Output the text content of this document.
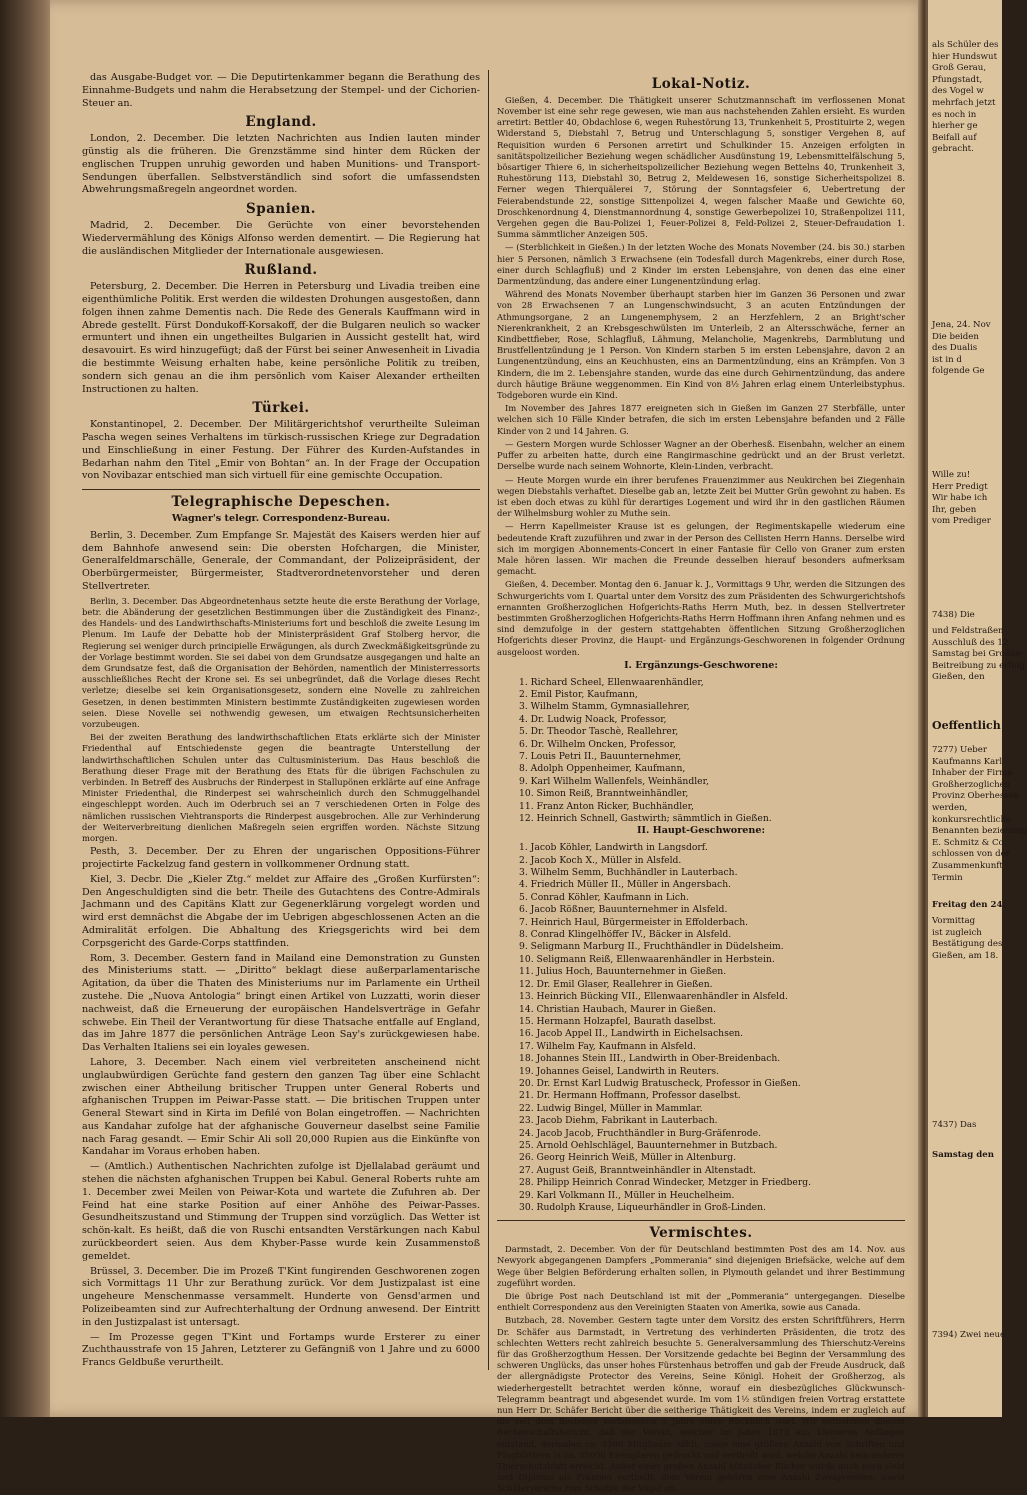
das Ausgabe-Budget vor. — Die Deputirtenkammer begann die Berathung des Einnahme-Budgets und nahm die Herabsetzung der Stempel- und der Cichorien-Steuer an.

England.

London, 2. December. Die letzten Nachrichten aus Indien lauten minder günstig als die früheren. Die Grenzstämme sind hinter dem Rücken der englischen Truppen unruhig geworden und haben Munitions- und Transport-Sendungen überfallen. Selbstverständlich sind sofort die umfassendsten Abwehrungsmaßregeln angeordnet worden.

Spanien.

Madrid, 2. December. Die Gerüchte von einer bevorstehenden Wiedervermählung des Königs Alfonso werden dementirt. — Die Regierung hat die ausländischen Mitglieder der Internationale ausgewiesen.

Rußland.

Petersburg, 2. December. Die Herren in Petersburg und Livadia treiben eine eigenthümliche Politik. Erst werden die wildesten Drohungen ausgestoßen, dann folgen ihnen zahme Dementis nach. Die Rede des Generals Kauffmann wird in Abrede gestellt. Fürst Dondukoff-Korsakoff, der die Bulgaren neulich so wacker ermuntert und ihnen ein ungetheiltes Bulgarien in Aussicht gestellt hat, wird desavouirt. Es wird hinzugefügt; daß der Fürst bei seiner Anwesenheit in Livadia die bestimmte Weisung erhalten habe, keine persönliche Politik zu treiben, sondern sich genau an die ihm persönlich vom Kaiser Alexander ertheilten Instructionen zu halten.

Türkei.

Konstantinopel, 2. December. Der Militärgerichtshof verurtheilte Suleiman Pascha wegen seines Verhaltens im türkisch-russischen Kriege zur Degradation und Einschließung in einer Festung. Der Führer des Kurden-Aufstandes in Bedarhan nahm den Titel „Emir von Bohtan“ an. In der Frage der Occupation von Novibazar entschied man sich virtuell für eine gemischte Occupation.

Telegraphische Depeschen.
Wagner's telegr. Correspondenz-Bureau.

Berlin, 3. December. Zum Empfange Sr. Majestät des Kaisers werden hier auf dem Bahnhofe anwesend sein: Die obersten Hofchargen, die Minister, Generalfeldmarschälle, Generale, der Commandant, der Polizeipräsident, der Oberbürgermeister, Bürgermeister, Stadtverordnetenvorsteher und deren Stellvertreter.

Berlin, 3. December. Das Abgeordnetenhaus setzte heute die erste Berathung der Vorlage, betr. die Abänderung der gesetzlichen Bestimmungen über die Zuständigkeit des Finanz-, des Handels- und des Landwirthschafts-Ministeriums fort und beschloß die zweite Lesung im Plenum. Im Laufe der Debatte hob der Ministerpräsident Graf Stolberg hervor, die Regierung sei weniger durch principielle Erwägungen, als durch Zweckmäßigkeitsgründe zu der Vorlage bestimmt worden. Sie sei dabei von dem Grundsatze ausgegangen und halte an dem Grundsatze fest, daß die Organisation der Behörden, namentlich der Ministerressorts ausschließliches Recht der Krone sei. Es sei unbegründet, daß die Vorlage dieses Recht verletze; dieselbe sei kein Organisationsgesetz, sondern eine Novelle zu zahlreichen Gesetzen, in denen bestimmten Ministern bestimmte Zuständigkeiten zugewiesen worden seien. Diese Novelle sei nothwendig gewesen, um etwaigen Rechtsunsicherheiten vorzubeugen.

Bei der zweiten Berathung des landwirthschaftlichen Etats erklärte sich der Minister Friedenthal auf Entschiedenste gegen die beantragte Unterstellung der landwirthschaftlichen Schulen unter das Cultusministerium. Das Haus beschloß die Berathung dieser Frage mit der Berathung des Etats für die übrigen Fachschulen zu verbinden. In Betreff des Ausbruchs der Rinderpest in Stallupönen erklärte auf eine Anfrage Minister Friedenthal, die Rinderpest sei wahrscheinlich durch den Schmuggelhandel eingeschleppt worden. Auch im Oderbruch sei an 7 verschiedenen Orten in Folge des nämlichen russischen Viehtransports die Rinderpest ausgebrochen. Alle zur Verhinderung der Weiterverbreitung dienlichen Maßregeln seien ergriffen worden. Nächste Sitzung morgen.

Pesth, 3. December. Der zu Ehren der ungarischen Oppositions-Führer projectirte Fackelzug fand gestern in vollkommener Ordnung statt.

Kiel, 3. Decbr. Die „Kieler Ztg.“ meldet zur Affaire des „Großen Kurfürsten“: Den Angeschuldigten sind die betr. Theile des Gutachtens des Contre-Admirals Jachmann und des Capitäns Klatt zur Gegenerklärung vorgelegt worden und wird erst demnächst die Abgabe der im Uebrigen abgeschlossenen Acten an die Admiralität erfolgen. Die Abhaltung des Kriegsgerichts wird bei dem Corpsgericht des Garde-Corps stattfinden.

Rom, 3. December. Gestern fand in Mailand eine Demonstration zu Gunsten des Ministeriums statt. — „Diritto“ beklagt diese außerparlamentarische Agitation, da über die Thaten des Ministeriums nur im Parlamente ein Urtheil zustehe. Die „Nuova Antologia“ bringt einen Artikel von Luzzatti, worin dieser nachweist, daß die Erneuerung der europäischen Handelsverträge in Gefahr schwebe. Ein Theil der Verantwortung für diese Thatsache entfalle auf England, das im Jahre 1877 die persönlichen Anträge Leon Say's zurückgewiesen habe. Das Verhalten Italiens sei ein loyales gewesen.

Lahore, 3. December. Nach einem viel verbreiteten anscheinend nicht unglaubwürdigen Gerüchte fand gestern den ganzen Tag über eine Schlacht zwischen einer Abtheilung britischer Truppen unter General Roberts und afghanischen Truppen im Peiwar-Passe statt. — Die britischen Truppen unter General Stewart sind in Kirta im Defilé von Bolan eingetroffen. — Nachrichten aus Kandahar zufolge hat der afghanische Gouverneur daselbst seine Familie nach Farag gesandt. — Emir Schir Ali soll 20,000 Rupien aus die Einkünfte von Kandahar im Voraus erhoben haben.

— (Amtlich.) Authentischen Nachrichten zufolge ist Djellalabad geräumt und stehen die nächsten afghanischen Truppen bei Kabul. General Roberts ruhte am 1. December zwei Meilen von Peiwar-Kota und wartete die Zufuhren ab. Der Feind hat eine starke Position auf einer Anhöhe des Peiwar-Passes. Gesundheitszustand und Stimmung der Truppen sind vorzüglich. Das Wetter ist schön-kalt. Es heißt, daß die von Ruschi entsandten Verstärkungen nach Kabul zurückbeordert seien. Aus dem Khyber-Passe wurde kein Zusammenstoß gemeldet.

Brüssel, 3. December. Die im Prozeß T'Kint fungirenden Geschworenen zogen sich Vormittags 11 Uhr zur Berathung zurück. Vor dem Justizpalast ist eine ungeheure Menschenmasse versammelt. Hunderte von Gensd'armen und Polizeibeamten sind zur Aufrechterhaltung der Ordnung anwesend. Der Eintritt in den Justizpalast ist untersagt.

— Im Prozesse gegen T'Kint und Fortamps wurde Ersterer zu einer Zuchthausstrafe von 15 Jahren, Letzterer zu Gefängniß von 1 Jahre und zu 6000 Francs Geldbuße verurtheilt.

Lokal-Notiz.

Gießen, 4. December. Die Thätigkeit unserer Schutzmannschaft im verflossenen Monat November ist eine sehr rege gewesen, wie man aus nachstehenden Zahlen ersieht. Es wurden arretirt: Bettler 40, Obdachlose 6, wegen Ruhestörung 13, Trunkenheit 5, Prostituirte 2, wegen Widerstand 5, Diebstahl 7, Betrug und Unterschlagung 5, sonstiger Vergehen 8, auf Requisition wurden 6 Personen arretirt und Schulkinder 15. Anzeigen erfolgten in sanitätspolizeilicher Beziehung wegen schädlicher Ausdünstung 19, Lebensmittelfälschung 5, bösartiger Thiere 6, in sicherheitspolizeilicher Beziehung wegen Bettelns 40, Trunkenheit 3, Ruhestörung 113, Diebstahl 30, Betrug 2, Meldewesen 16, sonstige Sicherheitspolizei 8. Ferner wegen Thierquälerei 7, Störung der Sonntagsfeier 6, Uebertretung der Feierabendstunde 22, sonstige Sittenpolizei 4, wegen falscher Maaße und Gewichte 60, Droschkenordnung 4, Dienstmannordnung 4, sonstige Gewerbepolizei 10, Straßenpolizei 111, Vergehen gegen die Bau-Polizei 1, Feuer-Polizei 8, Feld-Polizei 2, Steuer-Defraudation 1. Summa sämmtlicher Anzeigen 505.

— (Sterblichkeit in Gießen.) In der letzten Woche des Monats November (24. bis 30.) starben hier 5 Personen, nämlich 3 Erwachsene (ein Todesfall durch Magenkrebs, einer durch Rose, einer durch Schlagfluß) und 2 Kinder im ersten Lebensjahre, von denen das eine einer Darmentzündung, das andere einer Lungenentzündung erlag.

Während des Monats November überhaupt starben hier im Ganzen 36 Personen und zwar von 28 Erwachsenen 7 an Lungenschwindsucht, 3 an acuten Entzündungen der Athmungsorgane, 2 an Lungenemphysem, 2 an Herzfehlern, 2 an Bright'scher Nierenkrankheit, 2 an Krebsgeschwülsten im Unterleib, 2 an Altersschwäche, ferner an Kindbettfieber, Rose, Schlagfluß, Lähmung, Melancholie, Magenkrebs, Darmblutung und Brustfellentzündung je 1 Person. Von Kindern starben 5 im ersten Lebensjahre, davon 2 an Lungenentzündung, eins an Keuchhusten, eins an Darmentzündung, eins an Krämpfen. Von 3 Kindern, die im 2. Lebensjahre standen, wurde das eine durch Gehirnentzündung, das andere durch häutige Bräune weggenommen. Ein Kind von 8½ Jahren erlag einem Unterleibstyphus. Todgeboren wurde ein Kind.

Im November des Jahres 1877 ereigneten sich in Gießen im Ganzen 27 Sterbfälle, unter welchen sich 10 Fälle Kinder betrafen, die sich im ersten Lebensjahre befanden und 2 Fälle Kinder von 2 und 14 Jahren. G.

— Gestern Morgen wurde Schlosser Wagner an der Oberhesß. Eisenbahn, welcher an einem Puffer zu arbeiten hatte, durch eine Rangirmaschine gedrückt und an der Brust verletzt. Derselbe wurde nach seinem Wohnorte, Klein-Linden, verbracht.

— Heute Morgen wurde ein ihrer berufenes Frauenzimmer aus Neukirchen bei Ziegenhain wegen Diebstahls verhaftet. Dieselbe gab an, letzte Zeit bei Mutter Grün gewohnt zu haben. Es ist eben doch etwas zu kühl für derartiges Logement und wird ihr in den gastlichen Räumen der Wilhelmsburg wohler zu Muthe sein.

— Herrn Kapellmeister Krause ist es gelungen, der Regimentskapelle wiederum eine bedeutende Kraft zuzuführen und zwar in der Person des Cellisten Herrn Hanns. Derselbe wird sich im morgigen Abonnements-Concert in einer Fantasie für Cello von Graner zum ersten Male hören lassen. Wir machen die Freunde desselben hierauf besonders aufmerksam gemacht.

Gießen, 4. December. Montag den 6. Januar k. J., Vormittags 9 Uhr, werden die Sitzungen des Schwurgerichts vom I. Quartal unter dem Vorsitz des zum Präsidenten des Schwurgerichtshofs ernannten Großherzoglichen Hofgerichts-Raths Herrn Muth, bez. in dessen Stellvertreter bestimmten Großherzoglichen Hofgerichts-Raths Herrn Hoffmann ihren Anfang nehmen und es sind demzufolge in der gestern stattgehabten öffentlichen Sitzung Großherzoglichen Hofgerichts dieser Provinz, die Haupt- und Ergänzungs-Geschworenen in folgender Ordnung ausgeloost worden.

I. Ergänzungs-Geschworene:
1. Richard Scheel, Ellenwaarenhändler,
2. Emil Pistor, Kaufmann,
3. Wilhelm Stamm, Gymnasiallehrer,
4. Dr. Ludwig Noack, Professor,
5. Dr. Theodor Taschè, Reallehrer,
6. Dr. Wilhelm Oncken, Professor,
7. Louis Petri II., Bauunternehmer,
8. Adolph Oppenheimer, Kaufmann,
9. Karl Wilhelm Wallenfels, Weinhändler,
10. Simon Reiß, Branntweinhändler,
11. Franz Anton Ricker, Buchhändler,
12. Heinrich Schnell, Gastwirth; sämmtlich in Gießen.
II. Haupt-Geschworene:
1. Jacob Köhler, Landwirth in Langsdorf.
2. Jacob Koch X., Müller in Alsfeld.
3. Wilhelm Semm, Buchhändler in Lauterbach.
4. Friedrich Müller II., Müller in Angersbach.
5. Conrad Köhler, Kaufmann in Lich.
6. Jacob Rößner, Bauunternehmer in Alsfeld.
7. Heinrich Haul, Bürgermeister in Effolderbach.
8. Conrad Klingelhöffer IV., Bäcker in Alsfeld.
9. Seligmann Marburg II., Fruchthändler in Düdelsheim.
10. Seligmann Reiß, Ellenwaarenhändler in Herbstein.
11. Julius Hoch, Bauunternehmer in Gießen.
12. Dr. Emil Glaser, Reallehrer in Gießen.
13. Heinrich Bücking VII., Ellenwaarenhändler in Alsfeld.
14. Christian Haubach, Maurer in Gießen.
15. Hermann Holzapfel, Baurath daselbst.
16. Jacob Appel II., Landwirth in Eichelsachsen.
17. Wilhelm Fay, Kaufmann in Alsfeld.
18. Johannes Stein III., Landwirth in Ober-Breidenbach.
19. Johannes Geisel, Landwirth in Reuters.
20. Dr. Ernst Karl Ludwig Bratuscheck, Professor in Gießen.
21. Dr. Hermann Hoffmann, Professor daselbst.
22. Ludwig Bingel, Müller in Mammlar.
23. Jacob Diehm, Fabrikant in Lauterbach.
24. Jacob Jacob, Fruchthändler in Burg-Gräfenrode.
25. Arnold Oehlschlägel, Bauunternehmer in Butzbach.
26. Georg Heinrich Weiß, Müller in Altenburg.
27. August Geiß, Branntweinhändler in Altenstadt.
28. Philipp Heinrich Conrad Windecker, Metzger in Friedberg.
29. Karl Volkmann II., Müller in Heuchelheim.
30. Rudolph Krause, Liqueurhändler in Groß-Linden.
Vermischtes.

Darmstadt, 2. December. Von der für Deutschland bestimmten Post des am 14. Nov. aus Newyork abgegangenen Dampfers „Pommerania“ sind diejenigen Briefsäcke, welche auf dem Wege über Belgien Beförderung erhalten sollen, in Plymouth gelandet und ihrer Bestimmung zugeführt worden.

Die übrige Post nach Deutschland ist mit der „Pommerania“ untergegangen. Dieselbe enthielt Correspondenz aus den Vereinigten Staaten von Amerika, sowie aus Canada.

Butzbach, 28. November. Gestern tagte unter dem Vorsitz des ersten Schriftführers, Herrn Dr. Schäfer aus Darmstadt, in Vertretung des verhinderten Präsidenten, die trotz des schlechten Wetters recht zahlreich besuchte 5. Generalversammlung des Thierschutz-Vereins für das Großherzogthum Hessen. Der Vorsitzende gedachte bei Beginn der Versammlung des schweren Unglücks, das unser hohes Fürstenhaus betroffen und gab der Freude Ausdruck, daß der allergnädigste Protector des Vereins, Seine Königl. Hoheit der Großherzog, als wiederhergestellt betrachtet werden könne, worauf ein diesbezügliches Glückwunsch-Telegramm beantragt und abgesendet wurde. Im vom 1½ stündigen freien Vortrag erstattete nun Herr Dr. Schäfer Bericht über die seitherige Thätigkeit des Vereins, indem er zugleich auf die seit dem Bestehen verflossenen 5 Jahre einen Rückblick warf. Wir entnehmen diesem Rechenschaftsbericht, daß der Verein, welcher im Jahre 1873 aus kleineren Anfängen entstand, dermalen ca. 5200 Mitglieder zählt, sowie eine größere Anzahl von Schriften und Flugblättern in ca. 35000 Exemplaren gedruckt und vertheilt wird, welche Anzahl kein anderes Thierschutzblatt erreicht. Außer einer großen Anzahl nützlicher Bücher wurde auch noch Geld und Diplome als Prämien vertheilt; dem Verein gehören eine Anzahl Zweigvereine, sowie Schülervereine zum Schutze der Vögel an.

als Schüler des
hier Hundswut
Groß Gerau,
Pfungstadt,
des Vogel w
mehrfach jetzt
es noch in
hierher ge
Beifall auf
gebracht.
Jena, 24. Nov
Die beiden
des Dualis
ist in d
folgende Ge
Wille zu!
Herr Predigt
Wir habe ich
Ihr, geben
vom Prediger
7438) Die
und Feldstraßen
Ausschluß des 12.
Samstag bei Großhe
Beitreibung zu erfolg
Gießen, den
Oeffentlich
7277) Ueber
Kaufmanns Karl
Inhaber der Firma
Großherzoglichen
Provinz Oberhessen
werden,
konkursrechtliche
Benannten beziehung
E. Schmitz & Co.
schlossen von der
Zusammenkunft
Termin
Freitag den 24.
Vormittag
ist zugleich
Bestätigung des
Gießen, am 18.
7437) Das
Samstag den
7394) Zwei neue
